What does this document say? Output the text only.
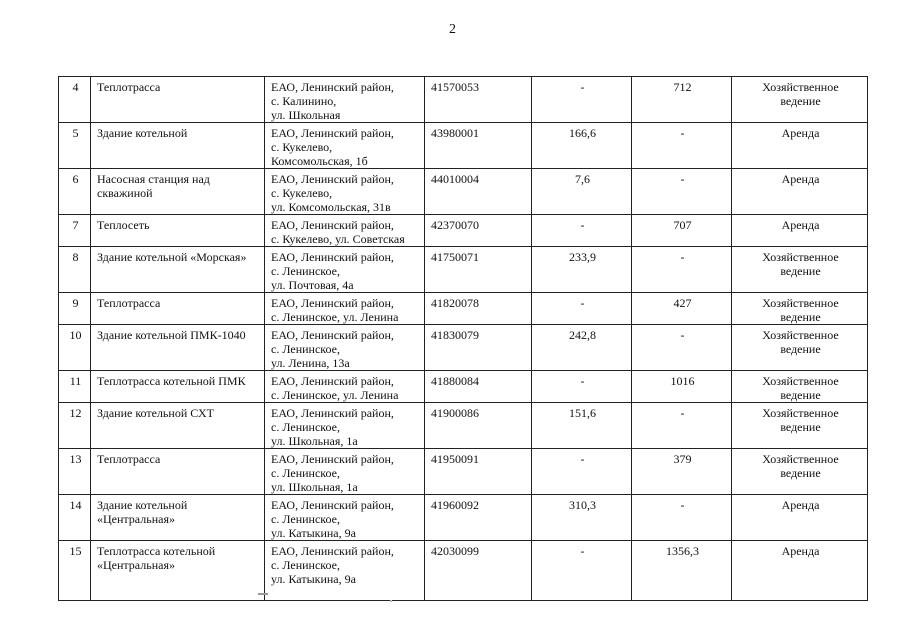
2
4	Теплотрасса	ЕАО, Ленинский район,
с. Калинино,
ул. Школьная	41570053	-	712	Хозяйственное
ведение
5	Здание котельной	ЕАО, Ленинский район,
с. Кукелево,
Комсомольская, 1б	43980001	166,6	-	Аренда
6	Насосная станция над
скважиной	ЕАО, Ленинский район,
с. Кукелево,
ул. Комсомольская, 31в	44010004	7,6	-	Аренда
7	Теплосеть	ЕАО, Ленинский район,
с. Кукелево, ул. Советская	42370070	-	707	Аренда
8	Здание котельной «Морская»	ЕАО, Ленинский район,
с. Ленинское,
ул. Почтовая, 4а	41750071	233,9	-	Хозяйственное
ведение
9	Теплотрасса	ЕАО, Ленинский район,
с. Ленинское, ул. Ленина	41820078	-	427	Хозяйственное
ведение
10	Здание котельной ПМК-1040	ЕАО, Ленинский район,
с. Ленинское,
ул. Ленина, 13а	41830079	242,8	-	Хозяйственное
ведение
11	Теплотрасса котельной ПМК	ЕАО, Ленинский район,
с. Ленинское, ул. Ленина	41880084	-	1016	Хозяйственное
ведение
12	Здание котельной СХТ	ЕАО, Ленинский район,
с. Ленинское,
ул. Школьная, 1а	41900086	151,6	-	Хозяйственное
ведение
13	Теплотрасса	ЕАО, Ленинский район,
с. Ленинское,
ул. Школьная, 1а	41950091	-	379	Хозяйственное
ведение
14	Здание котельной
«Центральная»	ЕАО, Ленинский район,
с. Ленинское,
ул. Катыкина, 9а	41960092	310,3	-	Аренда
15	Теплотрасса котельной
«Центральная»	ЕАО, Ленинский район,
с. Ленинское,
ул. Катыкина, 9а	42030099	-	1356,3	Аренда
